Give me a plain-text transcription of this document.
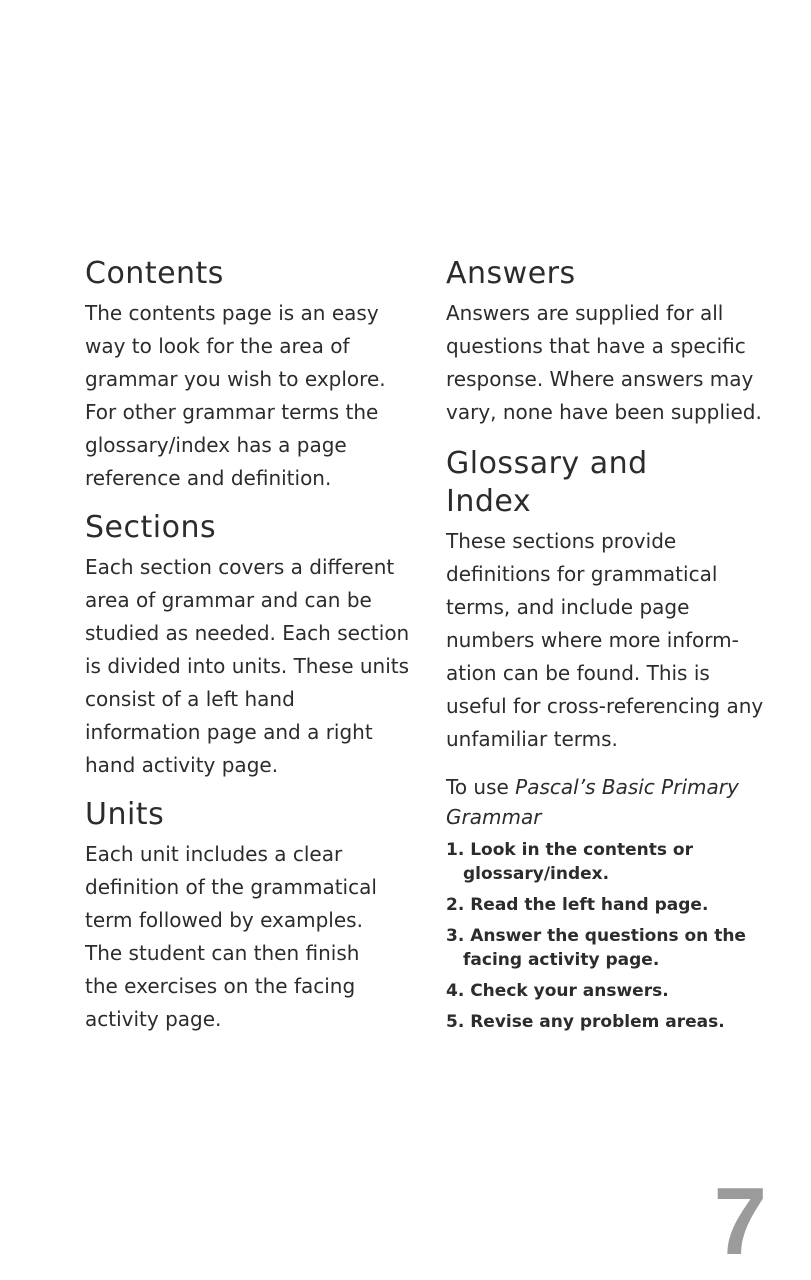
Contents

The contents page is an easy
way to look for the area of
grammar you wish to explore.
For other grammar terms the
glossary/index has a page
reference and definition.

Sections

Each section covers a different
area of grammar and can be
studied as needed. Each section
is divided into units. These units
consist of a left hand
information page and a right
hand activity page.

Units

Each unit includes a clear
definition of the grammatical
term followed by examples.
The student can then finish
the exercises on the facing
activity page.

Answers

Answers are supplied for all
questions that have a specific
response. Where answers may
vary, none have been supplied.

Glossary and
Index

These sections provide
definitions for grammatical
terms, and include page
numbers where more inform-
ation can be found. This is
useful for cross-referencing any
unfamiliar terms.

To use Pascal’s Basic Primary
Grammar

1. Look in the contents or
glossary/index.
2. Read the left hand page.
3. Answer the questions on the
facing activity page.
4. Check your answers.
5. Revise any problem areas.
7
